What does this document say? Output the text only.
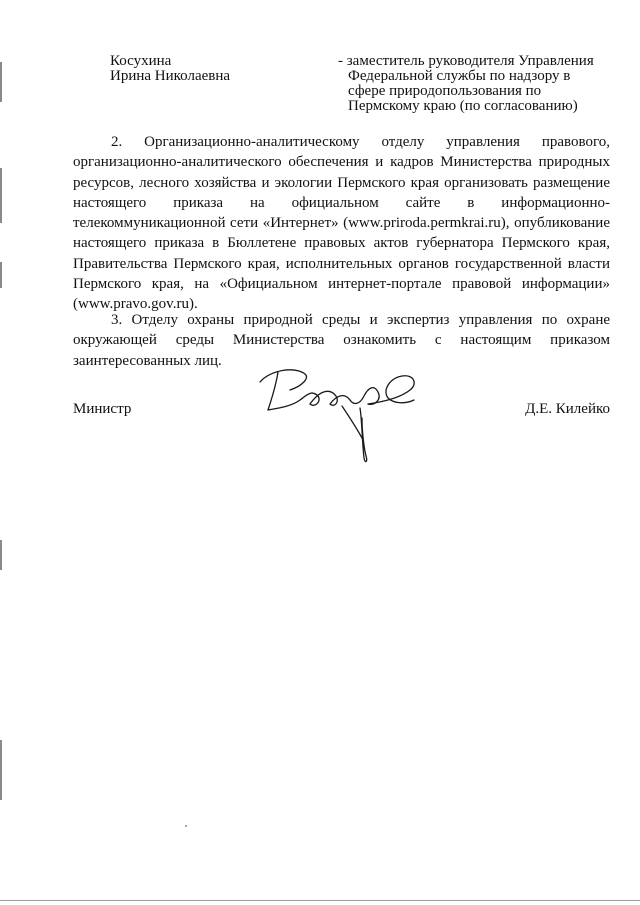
Косухина
Ирина Николаевна
- заместитель руководителя Управления
Федеральной службы по надзору в
сфере природопользования по
Пермскому краю (по согласованию)

2. Организационно-аналитическому отделу управления правового, организационно-аналитического обеспечения и кадров Министерства природных ресурсов, лесного хозяйства и экологии Пермского края организовать размещение настоящего приказа на официальном сайте в информационно-телекоммуникационной сети «Интернет» (www.priroda.permkrai.ru), опубликование настоящего приказа в Бюллетене правовых актов губернатора Пермского края, Правительства Пермского края, исполнительных органов государственной власти Пермского края, на «Официальном интернет-портале правовой информации» (www.pravo.gov.ru).

3. Отделу охраны природной среды и экспертиз управления по охране окружающей среды Министерства ознакомить с настоящим приказом заинтересованных лиц.

Министр	Д.Е. Килейко
